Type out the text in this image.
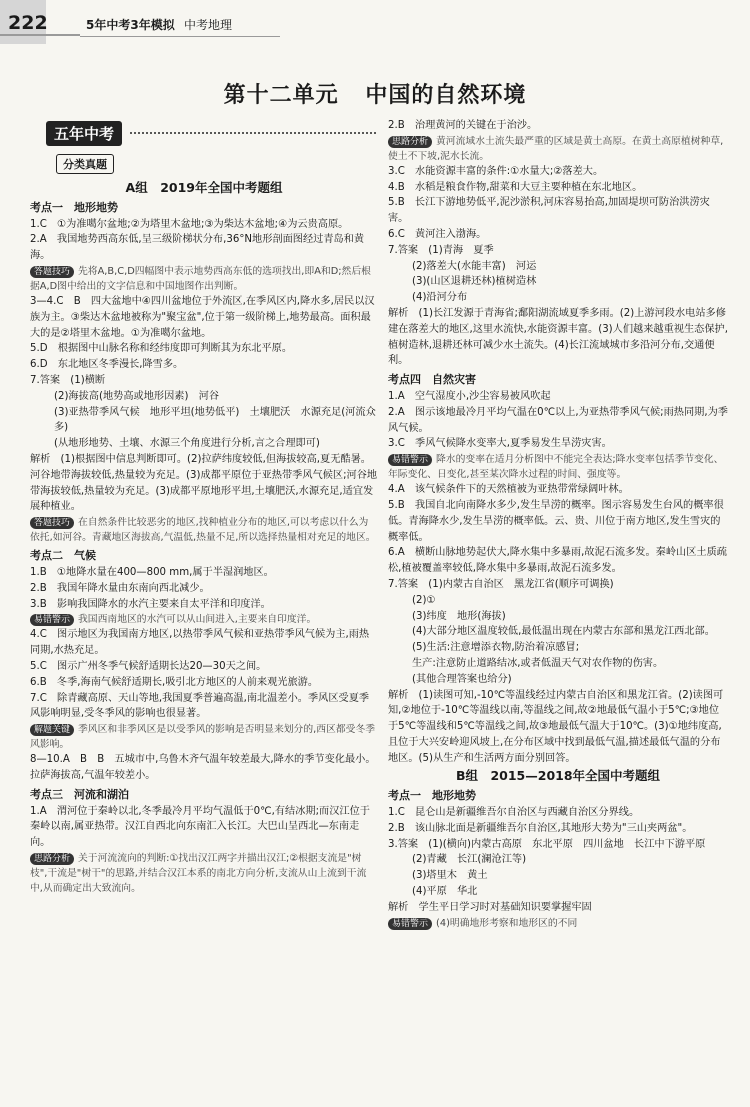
222	5年中考3年模拟 中考地理
第十二单元 中国的自然环境
五年中考
分类真题
A组　2019年全国中考题组
考点一　地形地势
1.C　①为准噶尔盆地;②为塔里木盆地;③为柴达木盆地;④为云贵高原。
2.A　我国地势西高东低,呈三级阶梯状分布,36°N地形剖面图经过青岛和黄海。
答题技巧 先将A,B,C,D四幅图中表示地势西高东低的选项找出,即A和D;然后根据A,D图中给出的文字信息和中国地图作出判断。
3—4.C　B　四大盆地中④四川盆地位于外流区,在季风区内,降水多,居民以汉族为主。③柴达木盆地被称为"聚宝盆",位于第一级阶梯上,地势最高。面积最大的是②塔里木盆地。①为准噶尔盆地。
5.D　根据图中山脉名称和经纬度即可判断其为东北平原。
6.D　东北地区冬季漫长,降雪多。
7.答案　(1)横断
(2)海拔高(地势高或地形因素)　河谷
(3)亚热带季风气候　地形平坦(地势低平)　土壤肥沃　水源充足(河流众多)
(从地形地势、土壤、水源三个角度进行分析,言之合理即可)
解析　(1)根据图中信息判断即可。(2)拉萨纬度较低,但海拔较高,夏无酷暑。河谷地带海拔较低,热量较为充足。(3)成都平原位于亚热带季风气候区;河谷地带海拔较低,热量较为充足。(3)成都平原地形平坦,土壤肥沃,水源充足,适宜发展种植业。
答题技巧 在自然条件比较恶劣的地区,找种植业分布的地区,可以考虑以什么为依托,如河谷。青藏地区海拔高,气温低,热量不足,所以选择热量相对充足的地区。
考点二　气候
1.B　①地降水量在400—800 mm,属于半湿润地区。
2.B　我国年降水量由东南向西北减少。
3.B　影响我国降水的水汽主要来自太平洋和印度洋。
易错警示 我国西南地区的水汽可以从山间进入,主要来自印度洋。
4.C　图示地区为我国南方地区,以热带季风气候和亚热带季风气候为主,雨热同期,水热充足。
5.C　图示广州冬季气候舒适期长达20—30天之间。
6.B　冬季,海南气候舒适期长,吸引北方地区的人前来观光旅游。
7.C　除青藏高原、天山等地,我国夏季普遍高温,南北温差小。季风区受夏季风影响明显,受冬季风的影响也很显著。
解题关键 季风区和非季风区是以受季风的影响是否明显来划分的,西区都受冬季风影响。
8—10.A　B　B　五城市中,乌鲁木齐气温年较差最大,降水的季节变化最小。拉萨海拔高,气温年较差小。
考点三　河流和湖泊
1.A　渭河位于秦岭以北,冬季最冷月平均气温低于0℃,有结冰期;而汉江位于秦岭以南,属亚热带。汉江自西北向东南汇入长江。大巴山呈西北—东南走向。
思路分析 关于河流流向的判断:①找出汉江两字并描出汉江;②根据支流是"树枝",干流是"树干"的思路,并结合汉江本系的南北方向分析,支流从山上流到干流中,从而确定出大致流向。
2.B　治理黄河的关键在于治沙。
思路分析 黄河流域水土流失最严重的区域是黄土高原。在黄土高原植树种草,使土不下坡,泥水长流。
3.C　水能资源丰富的条件:①水量大;②落差大。
4.B　水稻是粮食作物,甜菜和大豆主要种植在东北地区。
5.B　长江下游地势低平,泥沙淤积,河床容易抬高,加固堤坝可防治洪涝灾害。
6.C　黄河注入渤海。
7.答案　(1)青海　夏季
(2)落差大(水能丰富)　河运
(3)(山区退耕还林)植树造林
(4)沿河分布
解析　(1)长江发源于青海省;鄱阳湖流域夏季多雨。(2)上游河段水电站多修建在落差大的地区,这里水流快,水能资源丰富。(3)人们越来越重视生态保护,植树造林,退耕还林可减少水土流失。(4)长江流域城市多沿河分布,交通便利。
考点四　自然灾害
1.A　空气湿度小,沙尘容易被风吹起
2.A　图示该地最冷月平均气温在0℃以上,为亚热带季风气候;雨热同期,为季风气候。
3.C　季风气候降水变率大,夏季易发生旱涝灾害。
易错警示 降水的变率在适月分析图中不能完全表达;降水变率包括季节变化、年际变化、日变化,甚至某次降水过程的时间、强度等。
4.A　该气候条件下的天然植被为亚热带常绿阔叶林。
5.B　我国自北向南降水多少,发生旱涝的概率。图示容易发生台风的概率很低。青海降水少,发生旱涝的概率低。云、贵、川位于南方地区,发生雪灾的概率低。
6.A　横断山脉地势起伏大,降水集中多暴雨,故泥石流多发。秦岭山区土质疏松,植被覆盖率较低,降水集中多暴雨,故泥石流多发。
7.答案　(1)内蒙古自治区　黑龙江省(顺序可调换)
(2)①
(3)纬度　地形(海拔)
(4)大部分地区温度较低,最低温出现在内蒙古东部和黑龙江西北部。
(5)生活:注意增添衣物,防治着凉感冒;
生产:注意防止道路结冰,或者低温天气对农作物的伤害。
(其他合理答案也给分)
解析　(1)读图可知,-10℃等温线经过内蒙古自治区和黑龙江省。(2)读图可知,②地位于-10℃等温线以南,等温线之间,故②地最低气温小于5℃;③地位于5℃等温线和5℃等温线之间,故③地最低气温大于10℃。(3)①地纬度高,且位于大兴安岭迎风坡上,在分布区域中找到最低气温,描述最低气温的分布地区。(5)从生产和生活两方面分别回答。
B组　2015—2018年全国中考题组
考点一　地形地势
1.C　昆仑山是新疆维吾尔自治区与西藏自治区分界线。
2.B　该山脉北面是新疆维吾尔自治区,其地形大势为"三山夹两盆"。
3.答案　(1)(横向)内蒙古高原　东北平原　四川盆地　长江中下游平原
(2)青藏　长江(澜沧江等)
(3)塔里木　黄土
(4)平原　华北
解析　学生平日学习时对基础知识要掌握牢固
易错警示 (4)明确地形考察和地形区的不同
